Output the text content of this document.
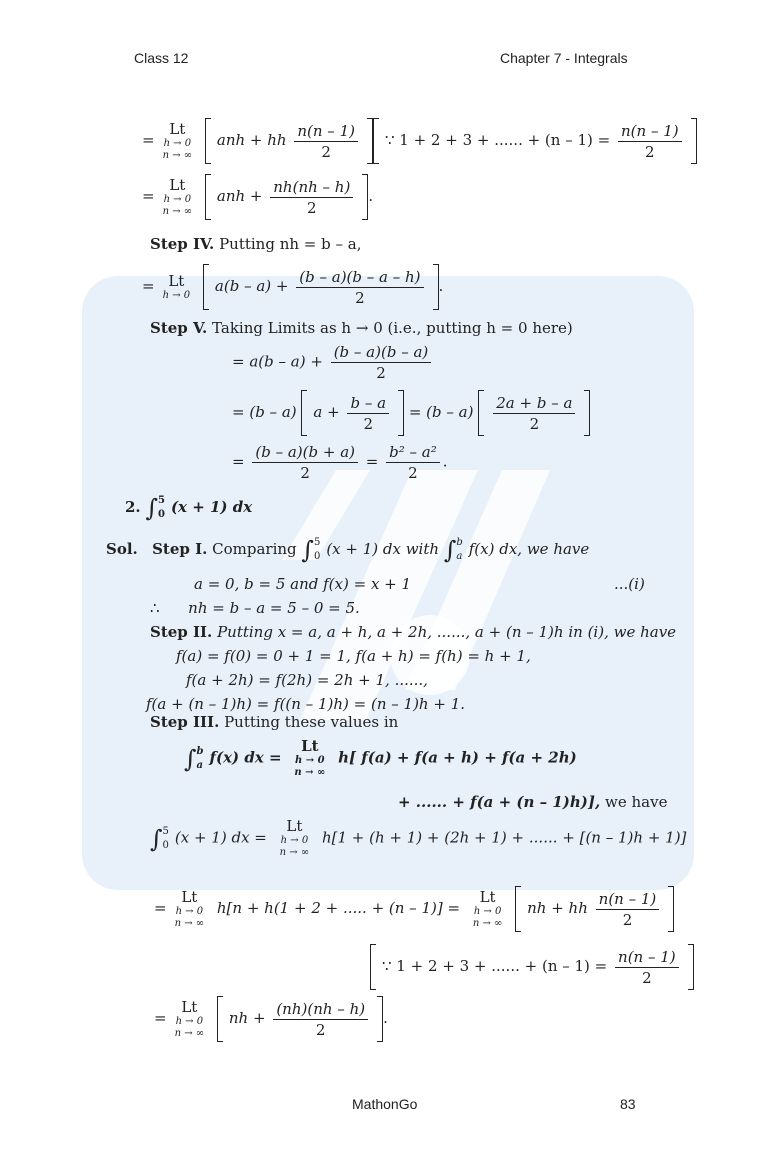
Class 12	Chapter 7 - Integrals
=
Lt
h → 0
n → ∞
anh + hh $\frac{n(n - 1)}{2}$ ∵ 1 + 2 + 3 + ...... + $(n - 1) = \frac{n(n - 1)}{2}$
=
Lt
h → 0
n → ∞
anh + $\frac{nh(nh - h)}{2}$ .
Step IV. Putting nh = b – a,
= Lt
h → 0 $a(b - a) + \frac{(b - a)(b - a - h)}{2}$ .
Step V. Taking Limits as h → 0 (i.e., putting h = 0 here)
= $a(b - a) + \frac{(b - a)(b - a)}{2}$
= (b – a) $a + \frac{b - a}{2} = (b - a) \frac{2a + b - a}{2}$
= $\frac{(b - a)(b + a)}{2} = \frac{\text{b² – a²}}{2}$ .
2. ∫ 5
0 (x + 1) dx
Sol. Step I. Comparing ∫ 5
0 (x + 1) dx with ∫ b
a f(x) dx, we have
a = 0, b = 5 and f(x) = x + 1	...(i)
∴ nh = b – a = 5 – 0 = 5.
Step II. Putting x = a, a + h, a + 2h, ......, a + (n – 1)h in (i), we have
f(a) = f(0) = 0 + 1 = 1, f(a + h) = f(h) = h + 1,
f(a + 2h) = f(2h) = 2h + 1, ......,
f(a + (n – 1)h) = f((n – 1)h) = (n – 1)h + 1.
Step III. Putting these values in
∫ b
a f(x) dx =
Lt
h → 0
n → ∞
h[ f(a) + f(a + h) + f(a + 2h)
+ ...... + f(a + (n – 1)h)], we have
∫ 5
0 (x + 1) dx =
Lt
h → 0
n → ∞
h[1 + (h + 1) + (2h + 1) + ...... + [(n – 1)h + 1)]
=
Lt
h → 0
n → ∞
h[n + h(1 + 2 + ..... + (n – 1)] =
Lt
h → 0
n → ∞
nh + hh $\frac{n(n - 1)}{2}$
∵ 1 + 2 + 3 + ...... + $(n - 1) = \frac{n(n - 1)}{2}$
=
Lt
h → 0
n → ∞
nh + $\frac{(nh)(nh - h)}{2}$ .
MathonGo	83
